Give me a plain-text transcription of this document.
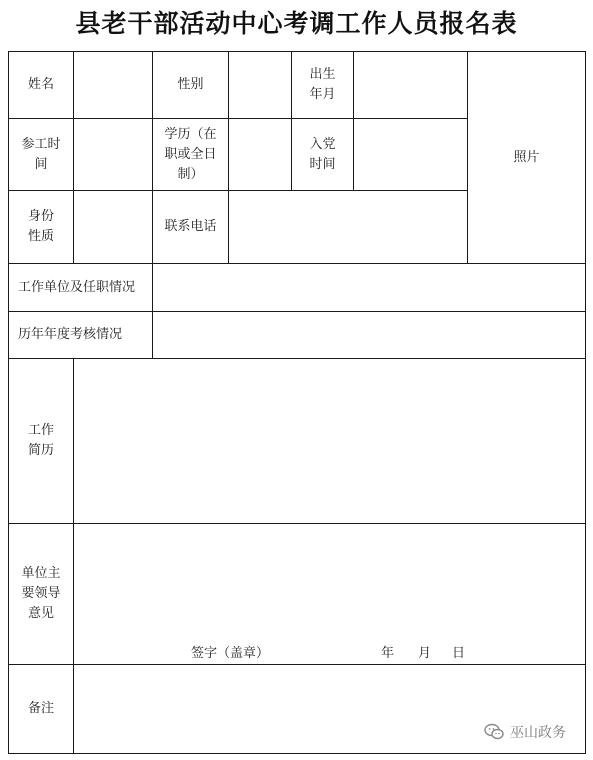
县老干部活动中心考调工作人员报名表
姓名	性别
出生
年月
照片
参工时
间
学历（在
职或全日
制）
入党
时间
身份
性质
联系电话
工作单位及任职情况
历年年度考核情况
工作
简历
单位主
要领导
意见
签字（盖章）	年 月 日
备注
巫山政务
